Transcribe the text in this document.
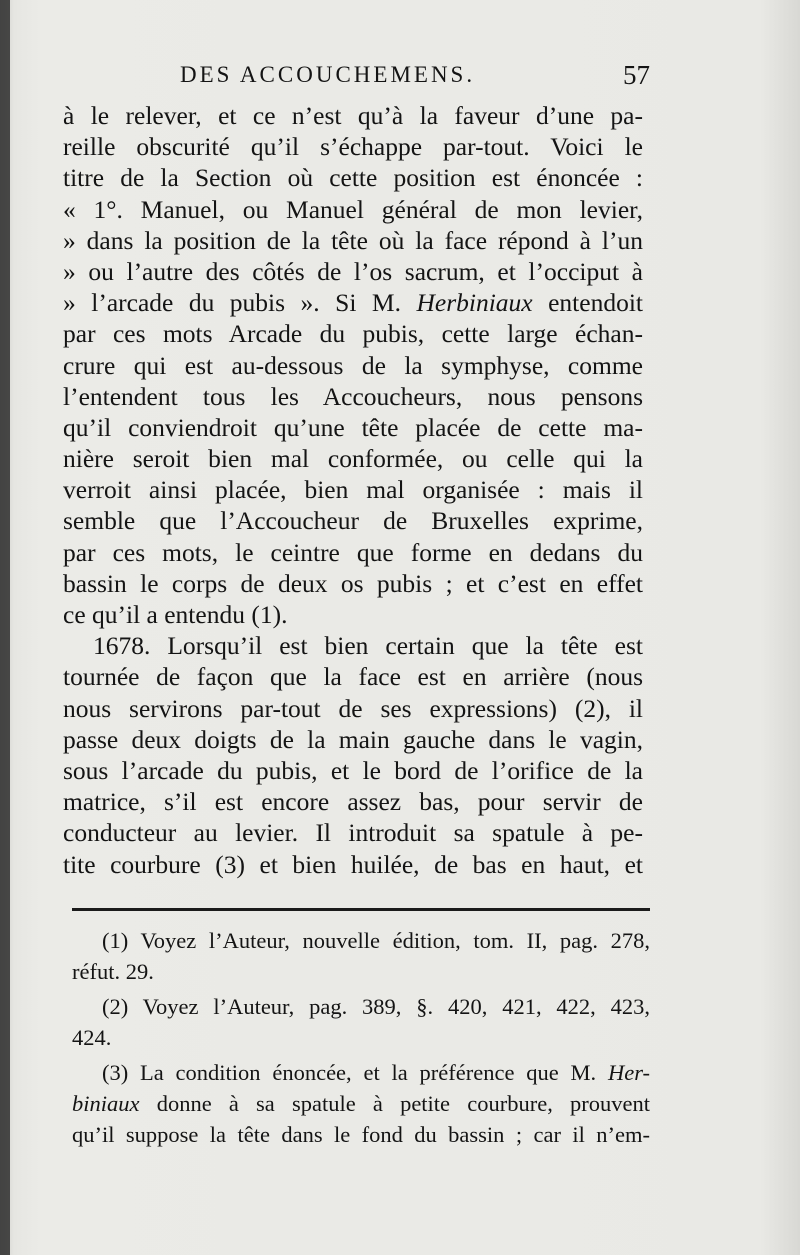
DES ACCOUCHEMENS.	57
à le relever, et ce n’est qu’à la faveur d’une pa-
reille obscurité qu’il s’échappe par-tout. Voici le
titre de la Section où cette position est énoncée :
« 1°. Manuel, ou Manuel général de mon levier,
» dans la position de la tête où la face répond à l’un
» ou l’autre des côtés de l’os sacrum, et l’occiput à
» l’arcade du pubis ». Si M. Herbiniaux entendoit
par ces mots Arcade du pubis, cette large échan-
crure qui est au-dessous de la symphyse, comme
l’entendent tous les Accoucheurs, nous pensons
qu’il conviendroit qu’une tête placée de cette ma-
nière seroit bien mal conformée, ou celle qui la
verroit ainsi placée, bien mal organisée : mais il
semble que l’Accoucheur de Bruxelles exprime,
par ces mots, le ceintre que forme en dedans du
bassin le corps de deux os pubis ; et c’est en effet
ce qu’il a entendu (1).
1678. Lorsqu’il est bien certain que la tête est
tournée de façon que la face est en arrière (nous
nous servirons par-tout de ses expressions) (2), il
passe deux doigts de la main gauche dans le vagin,
sous l’arcade du pubis, et le bord de l’orifice de la
matrice, s’il est encore assez bas, pour servir de
conducteur au levier. Il introduit sa spatule à pe-
tite courbure (3) et bien huilée, de bas en haut, et
(1) Voyez l’Auteur, nouvelle édition, tom. II, pag. 278,
réfut. 29.
(2) Voyez l’Auteur, pag. 389, §. 420, 421, 422, 423,
424.
(3) La condition énoncée, et la préférence que M. Her-
biniaux donne à sa spatule à petite courbure, prouvent
qu’il suppose la tête dans le fond du bassin ; car il n’em-
